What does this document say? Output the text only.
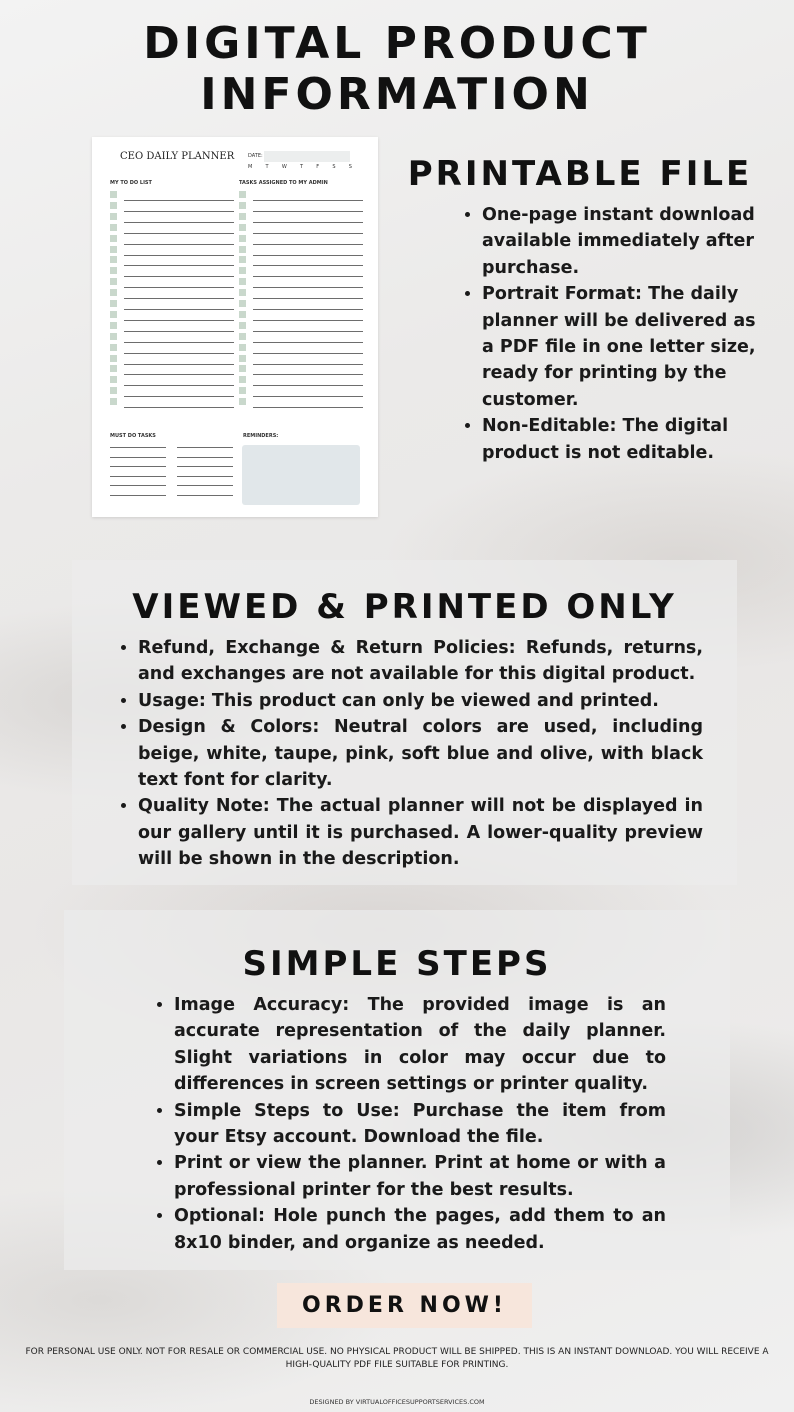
DIGITAL PRODUCT INFORMATION
CEO DAILY PLANNER	DATE:
M	T	W	T	F	S	S
MY TO DO LIST	TASKS ASSIGNED TO MY ADMIN
MUST DO TASKS	REMINDERS:
PRINTABLE FILE
• One-page instant download available immediately after purchase.
• Portrait Format: The daily planner will be delivered as a PDF file in one letter size, ready for printing by the customer.
• Non-Editable: The digital product is not editable.
VIEWED & PRINTED ONLY
• Refund, Exchange & Return Policies: Refunds, returns, and exchanges are not available for this digital product.
• Usage: This product can only be viewed and printed.
• Design & Colors: Neutral colors are used, including beige, white, taupe, pink, soft blue and olive, with black text font for clarity.
• Quality Note: The actual planner will not be displayed in our gallery until it is purchased. A lower-quality preview will be shown in the description.
SIMPLE STEPS
• Image Accuracy: The provided image is an accurate representation of the daily planner. Slight variations in color may occur due to differences in screen settings or printer quality.
• Simple Steps to Use: Purchase the item from your Etsy account. Download the file.
• Print or view the planner. Print at home or with a professional printer for the best results.
• Optional: Hole punch the pages, add them to an 8x10 binder, and organize as needed.
ORDER NOW!
FOR PERSONAL USE ONLY. NOT FOR RESALE OR COMMERCIAL USE. NO PHYSICAL PRODUCT WILL BE SHIPPED. THIS IS AN INSTANT DOWNLOAD. YOU WILL RECEIVE A HIGH-QUALITY PDF FILE SUITABLE FOR PRINTING.
DESIGNED BY VIRTUALOFFICESUPPORTSERVICES.COM
